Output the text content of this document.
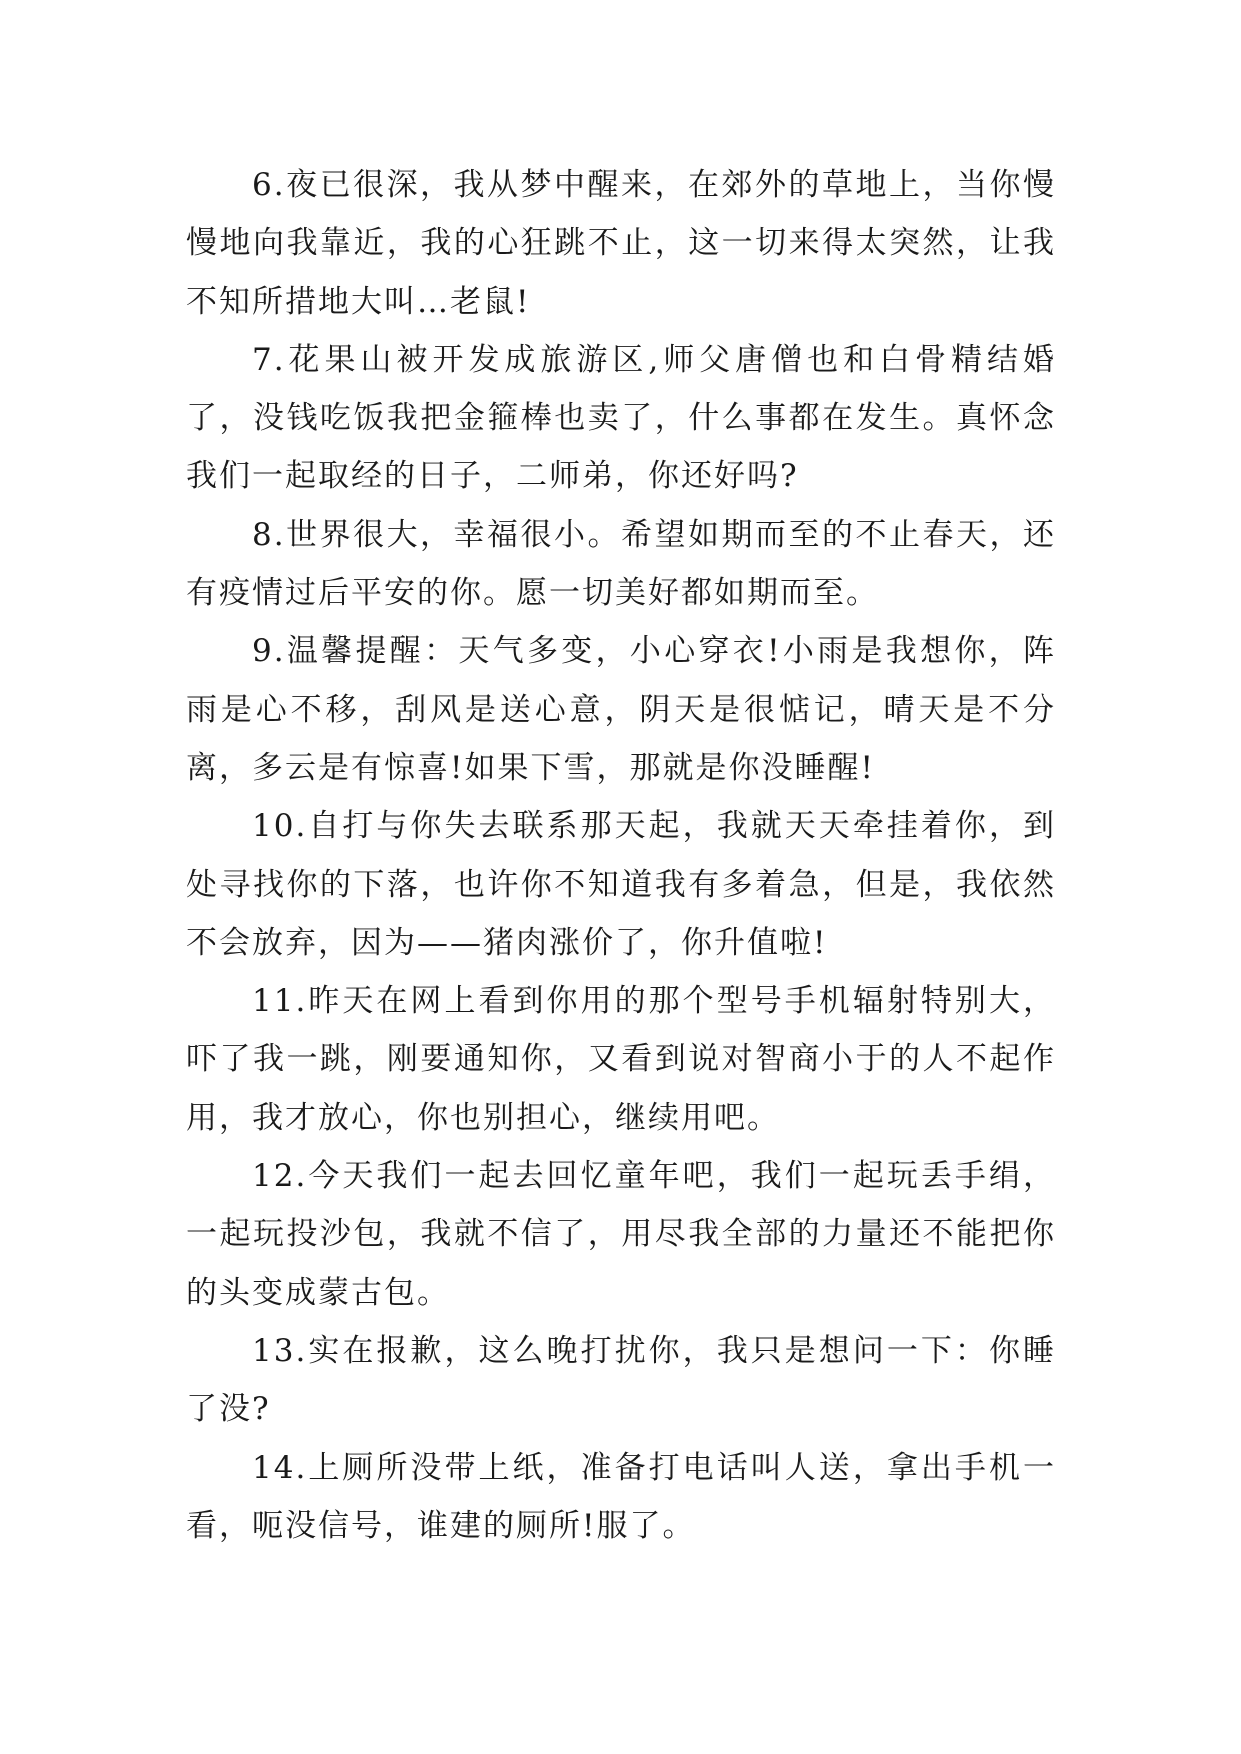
6.夜已很深，我从梦中醒来，在郊外的草地上，当你慢慢地向我靠近，我的心狂跳不止，这一切来得太突然，让我不知所措地大叫…老鼠!

7.花果山被开发成旅游区,师父唐僧也和白骨精结婚了，没钱吃饭我把金箍棒也卖了，什么事都在发生。真怀念我们一起取经的日子，二师弟，你还好吗?

8.世界很大，幸福很小。希望如期而至的不止春天，还有疫情过后平安的你。愿一切美好都如期而至。

9.温馨提醒：天气多变，小心穿衣!小雨是我想你，阵雨是心不移，刮风是送心意，阴天是很惦记，晴天是不分离，多云是有惊喜!如果下雪，那就是你没睡醒!

10.自打与你失去联系那天起，我就天天牵挂着你，到处寻找你的下落，也许你不知道我有多着急，但是，我依然不会放弃，因为——猪肉涨价了，你升值啦!

11.昨天在网上看到你用的那个型号手机辐射特别大，吓了我一跳，刚要通知你，又看到说对智商小于的人不起作用，我才放心，你也别担心，继续用吧。

12.今天我们一起去回忆童年吧，我们一起玩丢手绢，一起玩投沙包，我就不信了，用尽我全部的力量还不能把你的头变成蒙古包。

13.实在报歉，这么晚打扰你，我只是想问一下：你睡了没?

14.上厕所没带上纸，准备打电话叫人送，拿出手机一看，呃没信号，谁建的厕所!服了。
